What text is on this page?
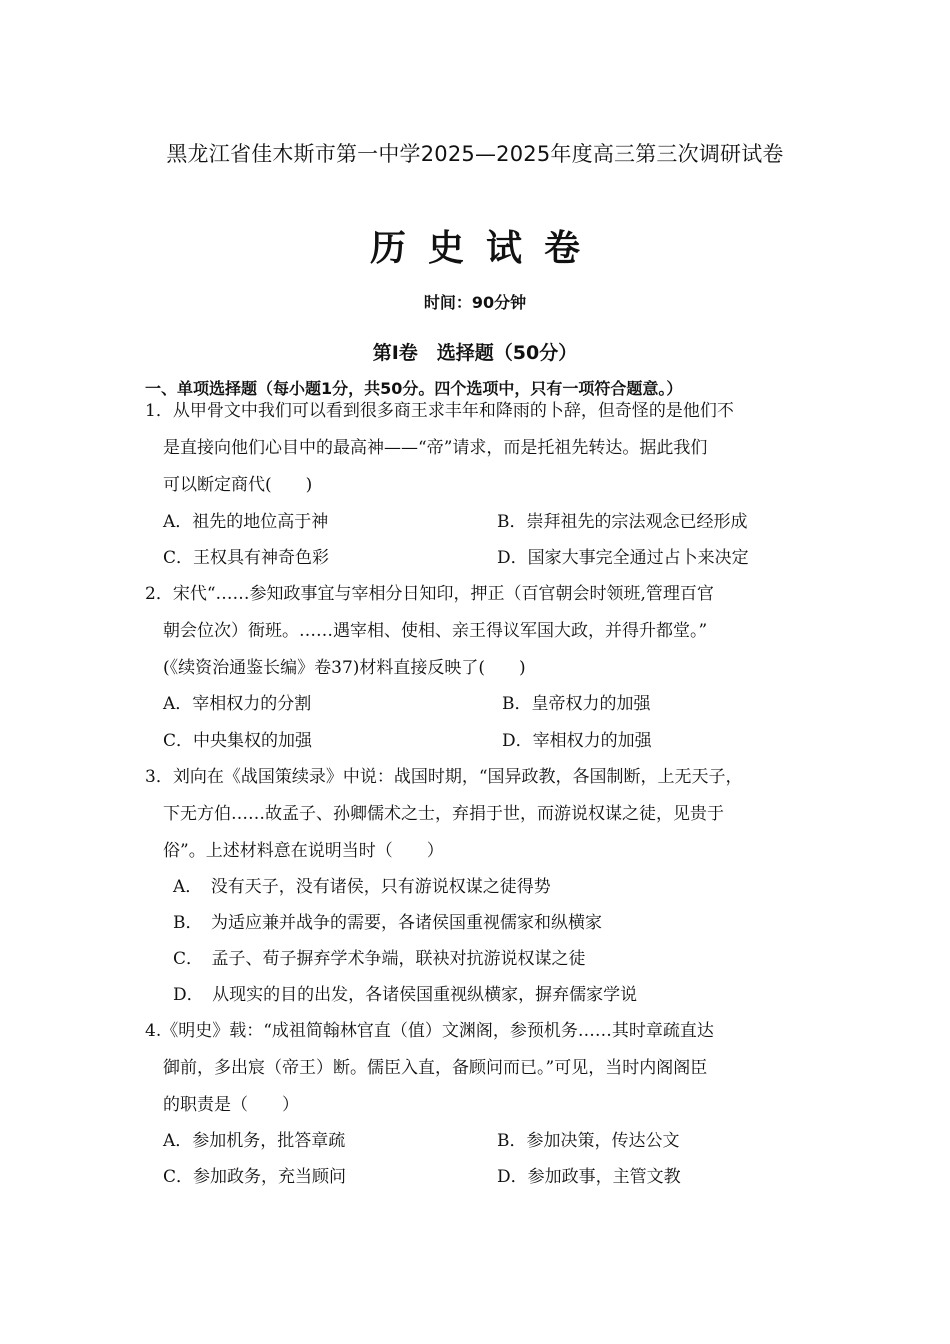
黑龙江省佳木斯市第一中学2025—2025年度高三第三次调研试卷
历史试卷
时间：90分钟
第Ⅰ卷　选择题（50分）
一、单项选择题（每小题1分，共50分。四个选项中，只有一项符合题意。）
1．从甲骨文中我们可以看到很多商王求丰年和降雨的卜辞，但奇怪的是他们不
是直接向他们心目中的最高神——“帝”请求，而是托祖先转达。据此我们
可以断定商代(　　)
A．祖先的地位高于神	B．崇拜祖先的宗法观念已经形成
C．王权具有神奇色彩	D．国家大事完全通过占卜来决定
2．宋代“……参知政事宜与宰相分日知印，押正（百官朝会时领班,管理百官
朝会位次）衙班。……遇宰相、使相、亲王得议军国大政，并得升都堂。”
(《续资治通鉴长编》卷37)材料直接反映了(　　)
A．宰相权力的分割	B．皇帝权力的加强
C．中央集权的加强	D．宰相权力的加强
3．刘向在《战国策续录》中说：战国时期，“国异政教，各国制断，上无天子，
下无方伯……故孟子、孙卿儒术之士，弃捐于世，而游说权谋之徒，见贵于
俗”。上述材料意在说明当时（　　）
A．　没有天子，没有诸侯，只有游说权谋之徒得势
B．　为适应兼并战争的需要，各诸侯国重视儒家和纵横家
C．　孟子、荀子摒弃学术争端，联袂对抗游说权谋之徒
D．　从现实的目的出发，各诸侯国重视纵横家，摒弃儒家学说
4.《明史》载：“成祖简翰林官直（值）文渊阁，参预机务……其时章疏直达
御前，多出宸（帝王）断。儒臣入直，备顾问而已。”可见，当时内阁阁臣
的职责是（　　）
A．参加机务，批答章疏	B．参加决策，传达公文
C．参加政务，充当顾问	D．参加政事，主管文教
